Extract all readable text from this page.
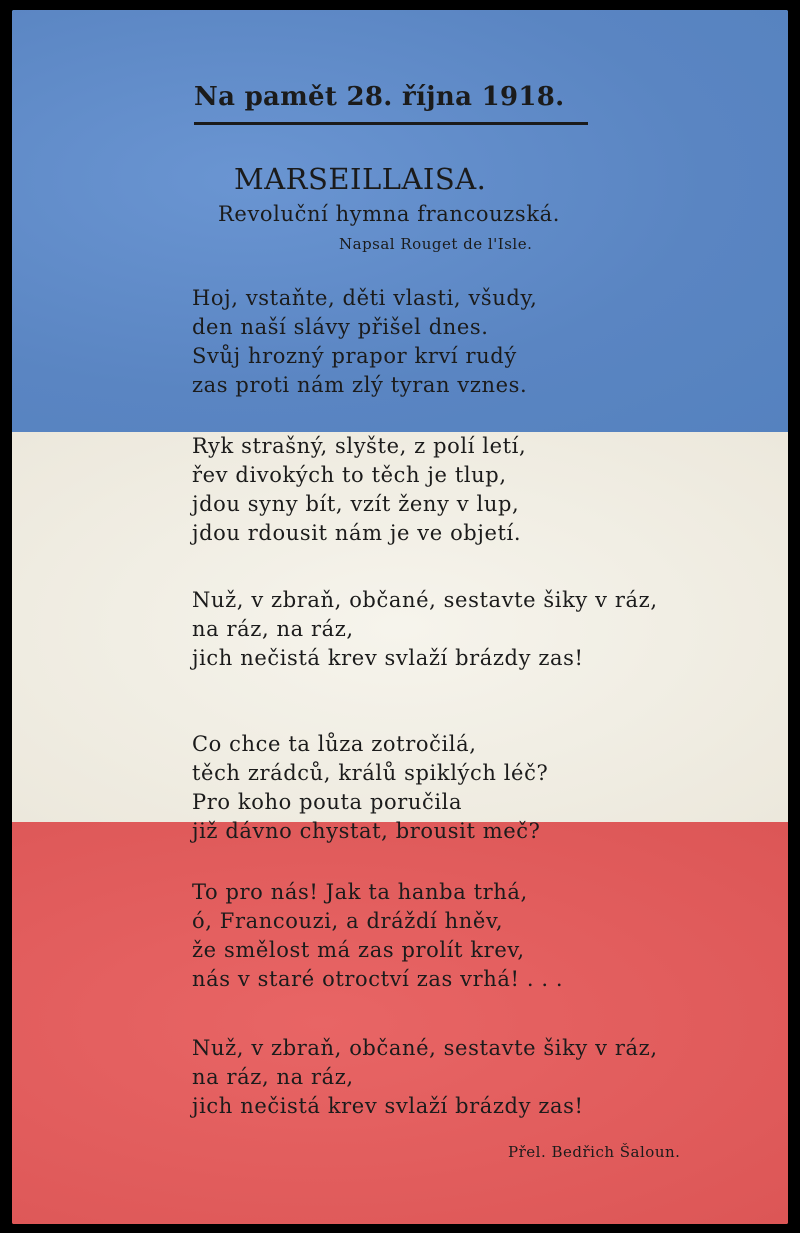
Na pamět 28. října 1918.
MARSEILLAISA.
Revoluční hymna francouzská.
Napsal Rouget de l'Isle.
Hoj, vstaňte, děti vlasti, všudy,
den naší slávy přišel dnes.
Svůj hrozný prapor krví rudý
zas proti nám zlý tyran vznes.
Ryk strašný, slyšte, z polí letí,
řev divokých to těch je tlup,
jdou syny bít, vzít ženy v lup,
jdou rdousit nám je ve objetí.
Nuž, v zbraň, občané, sestavte šiky v ráz,
na ráz, na ráz,
jich nečistá krev svlaží brázdy zas!
Co chce ta lůza zotročilá,
těch zrádců, králů spiklých léč?
Pro koho pouta poručila
již dávno chystat, brousit meč?
To pro nás! Jak ta hanba trhá,
ó, Francouzi, a dráždí hněv,
že smělost má zas prolít krev,
nás v staré otroctví zas vrhá! . . .
Nuž, v zbraň, občané, sestavte šiky v ráz,
na ráz, na ráz,
jich nečistá krev svlaží brázdy zas!
Přel. Bedřich Šaloun.
